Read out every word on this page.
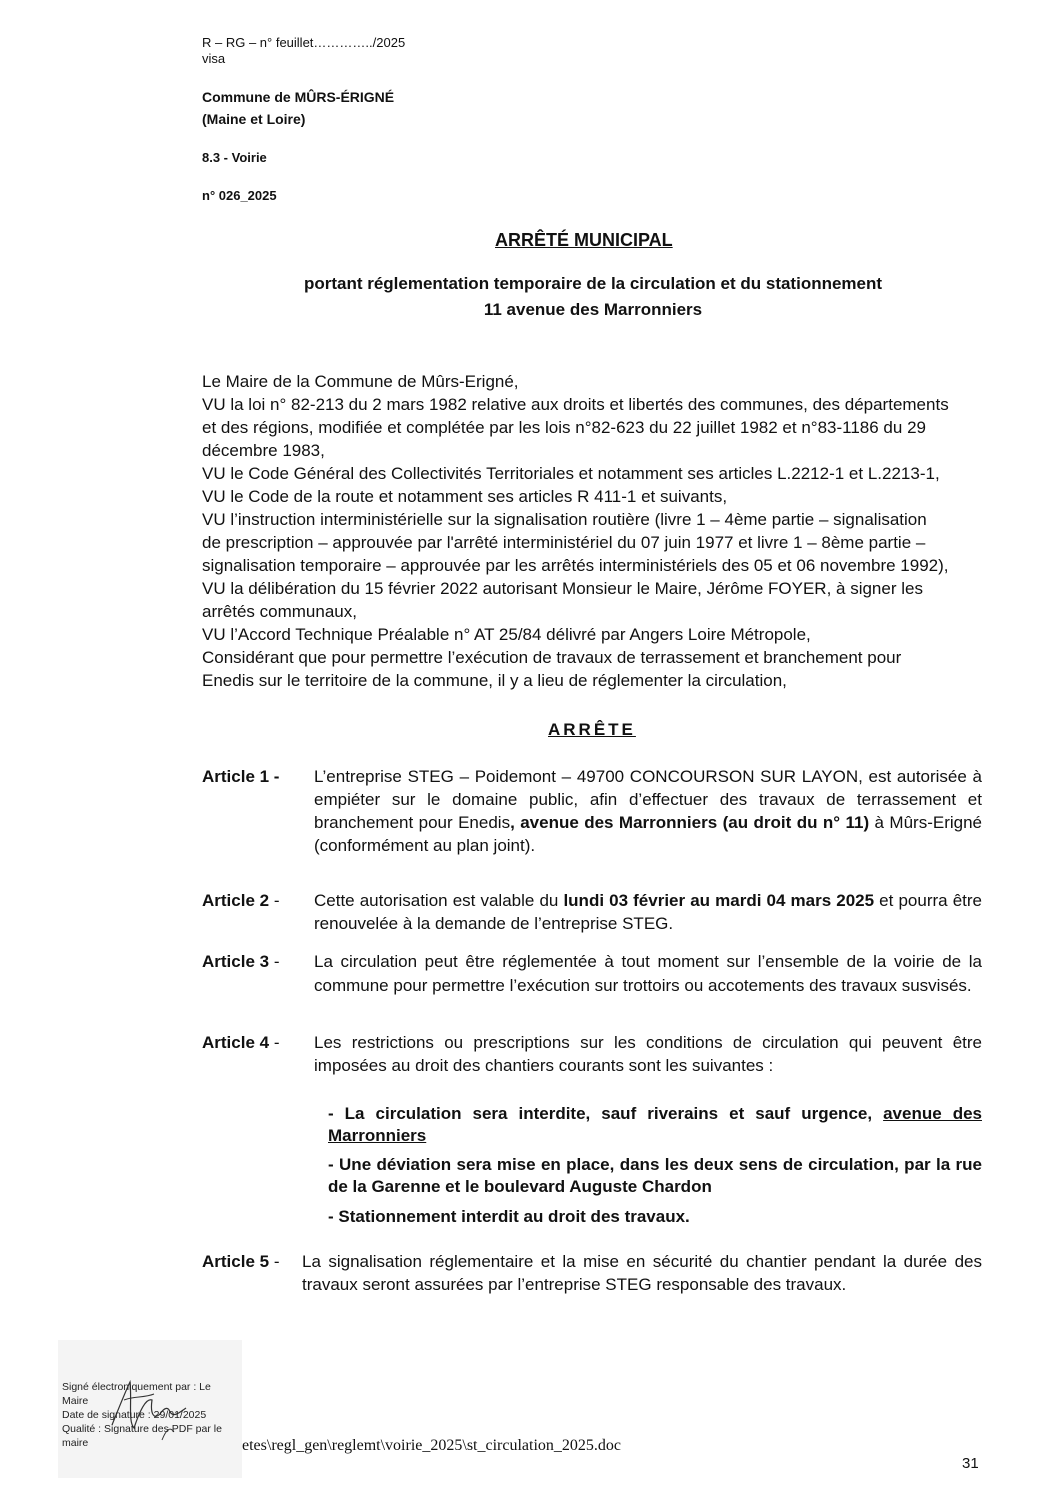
R – RG – n° feuillet…………../2025
visa
Commune de MÛRS-ÉRIGNÉ
(Maine et Loire)
8.3 - Voirie
n° 026_2025
ARRÊTÉ MUNICIPAL
portant réglementation temporaire de la circulation et du stationnement
11 avenue des Marronniers
Le Maire de la Commune de Mûrs-Erigné,
VU la loi n° 82-213 du 2 mars 1982 relative aux droits et libertés des communes, des départements
et des régions, modifiée et complétée par les lois n°82-623 du 22 juillet 1982 et n°83-1186 du 29
décembre 1983,
VU le Code Général des Collectivités Territoriales et notamment ses articles L.2212-1 et L.2213-1,
VU le Code de la route et notamment ses articles R 411-1 et suivants,
VU l’instruction interministérielle sur la signalisation routière (livre 1 – 4ème partie – signalisation
de prescription – approuvée par l'arrêté interministériel du 07 juin 1977 et livre 1 – 8ème partie –
signalisation temporaire – approuvée par les arrêtés interministériels des 05 et 06 novembre 1992),
VU la délibération du 15 février 2022 autorisant Monsieur le Maire, Jérôme FOYER, à signer les
arrêtés communaux,
VU l’Accord Technique Préalable n° AT 25/84 délivré par Angers Loire Métropole,
Considérant que pour permettre l’exécution de travaux de terrassement et branchement pour
Enedis sur le territoire de la commune, il y a lieu de réglementer la circulation,
ARRÊTE
Article 1 - L’entreprise STEG – Poidemont – 49700 CONCOURSON SUR LAYON, est autorisée à empiéter sur le domaine public, afin d’effectuer des travaux de terrassement et branchement pour Enedis, avenue des Marronniers (au droit du n° 11) à Mûrs-Erigné (conformément au plan joint).
Article 2 - Cette autorisation est valable du lundi 03 février au mardi 04 mars 2025 et pourra être renouvelée à la demande de l’entreprise STEG.
Article 3 - La circulation peut être réglementée à tout moment sur l’ensemble de la voirie de la commune pour permettre l’exécution sur trottoirs ou accotements des travaux susvisés.
Article 4 - Les restrictions ou prescriptions sur les conditions de circulation qui peuvent être imposées au droit des chantiers courants sont les suivantes :
- La circulation sera interdite, sauf riverains et sauf urgence, avenue des Marronniers
- Une déviation sera mise en place, dans les deux sens de circulation, par la rue de la Garenne et le boulevard Auguste Chardon
- Stationnement interdit au droit des travaux.
Article 5 - La signalisation réglementaire et la mise en sécurité du chantier pendant la durée des travaux seront assurées par l’entreprise STEG responsable des travaux.
Signé électroniquement par : Le
Maire
Date de signature : 29/01/2025
Qualité : Signature des PDF par le
maire	etes\regl_gen\reglemt\voirie_2025\st_circulation_2025.doc
31
